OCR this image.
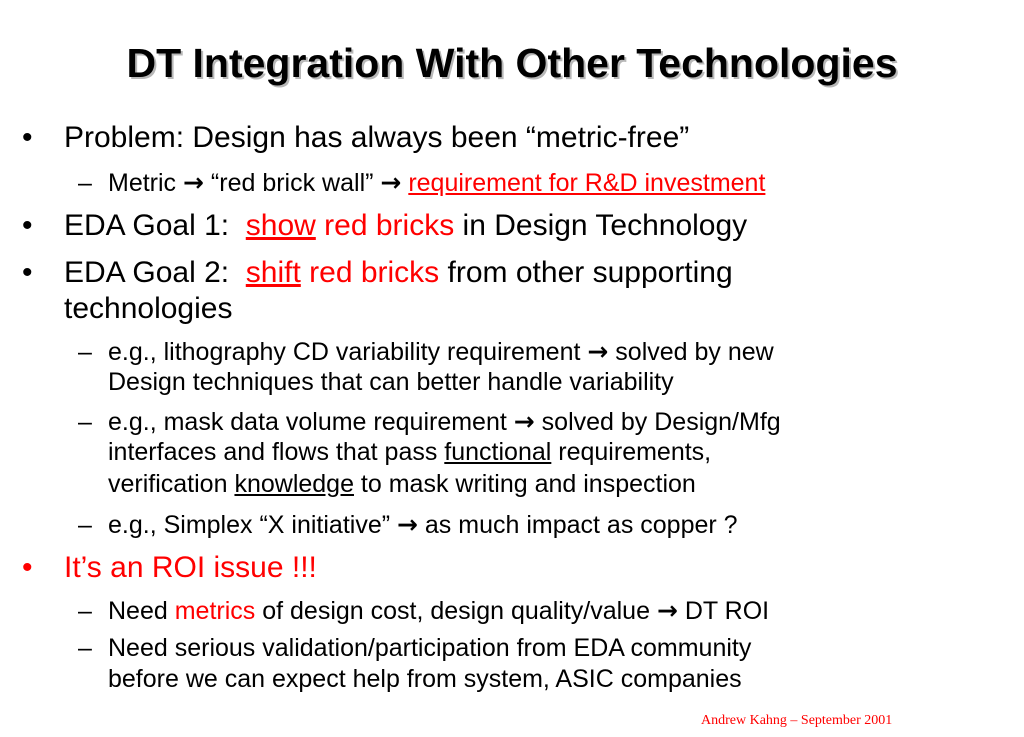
DT Integration With Other Technologies
• Problem: Design has always been “metric-free”
– Metric → “red brick wall” → requirement for R&D investment
• EDA Goal 1:  show red bricks in Design Technology
• EDA Goal 2:  shift red bricks from other supporting
technologies
– e.g., lithography CD variability requirement → solved by new
Design techniques that can better handle variability
– e.g., mask data volume requirement → solved by Design/Mfg
interfaces and flows that pass functional requirements,
verification knowledge to mask writing and inspection
– e.g., Simplex “X initiative” → as much impact as copper ?
• It’s an ROI issue !!!
– Need metrics of design cost, design quality/value → DT ROI
– Need serious validation/participation from EDA community
before we can expect help from system, ASIC companies
Andrew Kahng – September 2001
